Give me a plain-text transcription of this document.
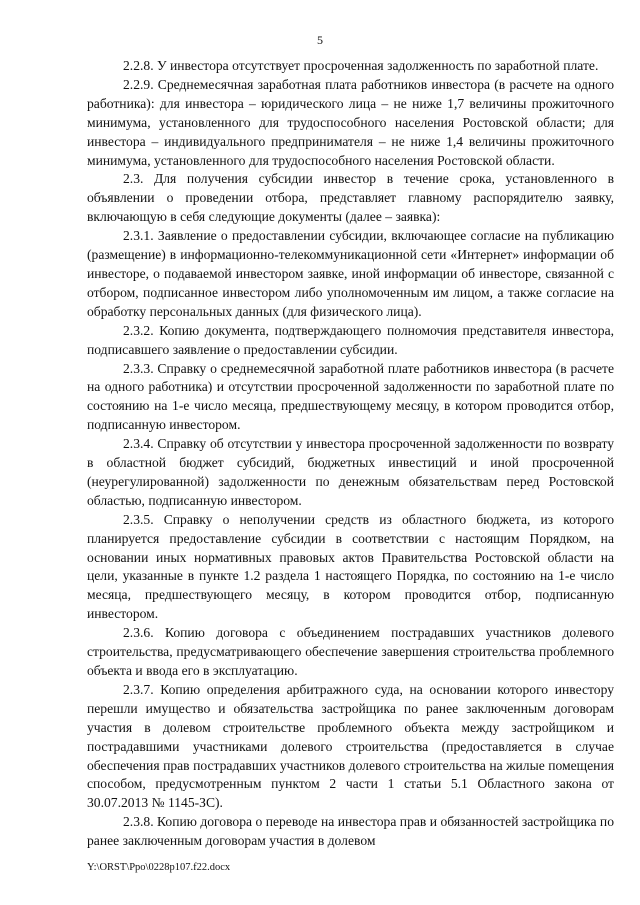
5

2.2.8. У инвестора отсутствует просроченная задолженность по заработной плате.

2.2.9. Среднемесячная заработная плата работников инвестора (в расчете на одного работника): для инвестора – юридического лица – не ниже 1,7 величины прожиточного минимума, установленного для трудоспособного населения Ростовской области; для инвестора – индивидуального предпринимателя – не ниже 1,4 величины прожиточного минимума, установленного для трудоспособного населения Ростовской области.

2.3. Для получения субсидии инвестор в течение срока, установленного в объявлении о проведении отбора, представляет главному распорядителю заявку, включающую в себя следующие документы (далее – заявка):

2.3.1. Заявление о предоставлении субсидии, включающее согласие на публикацию (размещение) в информационно-телекоммуникационной сети «Интернет» информации об инвесторе, о подаваемой инвестором заявке, иной информации об инвесторе, связанной с отбором, подписанное инвестором либо уполномоченным им лицом, а также согласие на обработку персональных данных (для физического лица).

2.3.2. Копию документа, подтверждающего полномочия представителя инвестора, подписавшего заявление о предоставлении субсидии.

2.3.3. Справку о среднемесячной заработной плате работников инвестора (в расчете на одного работника) и отсутствии просроченной задолженности по заработной плате по состоянию на 1-е число месяца, предшествующему месяцу, в котором проводится отбор, подписанную инвестором.

2.3.4. Справку об отсутствии у инвестора просроченной задолженности по возврату в областной бюджет субсидий, бюджетных инвестиций и иной просроченной (неурегулированной) задолженности по денежным обязательствам перед Ростовской областью, подписанную инвестором.

2.3.5. Справку о неполучении средств из областного бюджета, из которого планируется предоставление субсидии в соответствии с настоящим Порядком, на основании иных нормативных правовых актов Правительства Ростовской области на цели, указанные в пункте 1.2 раздела 1 настоящего Порядка, по состоянию на 1-е число месяца, предшествующего месяцу, в котором проводится отбор, подписанную инвестором.

2.3.6. Копию договора с объединением пострадавших участников долевого строительства, предусматривающего обеспечение завершения строительства проблемного объекта и ввода его в эксплуатацию.

2.3.7. Копию определения арбитражного суда, на основании которого инвестору перешли имущество и обязательства застройщика по ранее заключенным договорам участия в долевом строительстве проблемного объекта между застройщиком и пострадавшими участниками долевого строительства (предоставляется в случае обеспечения прав пострадавших участников долевого строительства на жилые помещения способом, предусмотренным пунктом 2 части 1 статьи 5.1 Областного закона от 30.07.2013 № 1145-ЗС).

2.3.8. Копию договора о переводе на инвестора прав и обязанностей застройщика по ранее заключенным договорам участия в долевом

Y:\ORST\Ppo\0228p107.f22.docx
